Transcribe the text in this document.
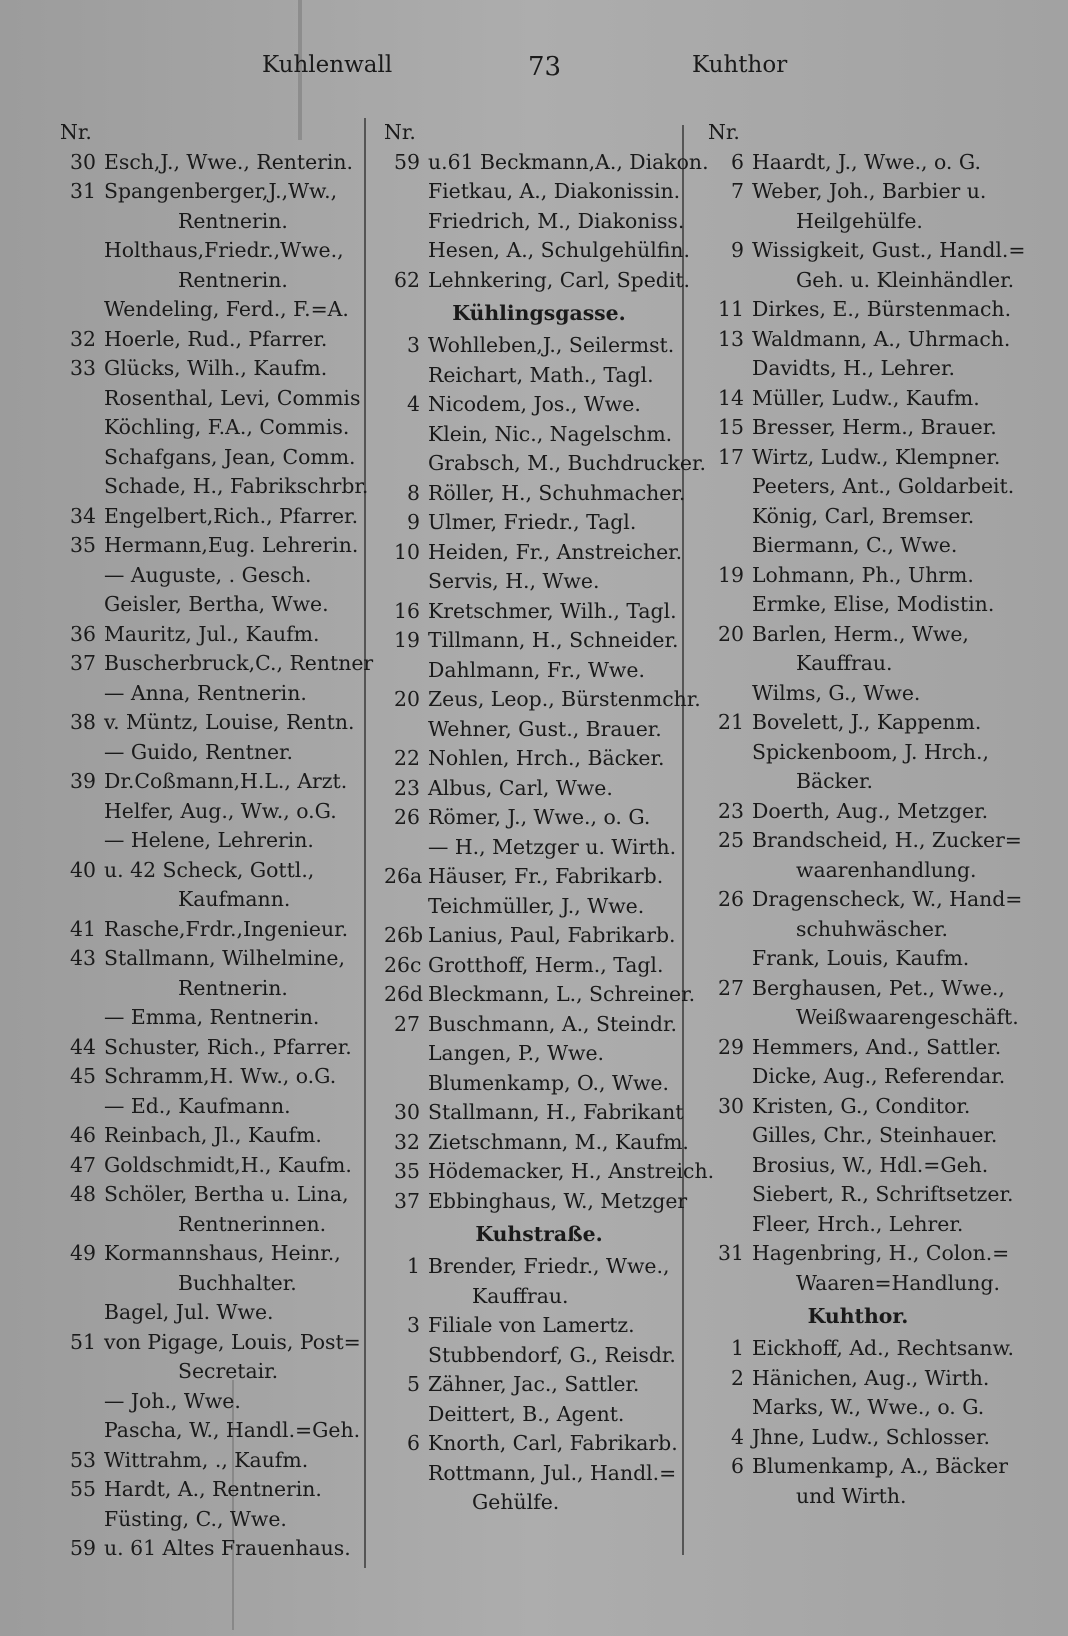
Kuhlenwall	73	Kuhthor
Nr.
30 Esch,J., Wwe., Renterin.
31 Spangenberger,J.,Ww.,
Rentnerin.
Holthaus,Friedr.,Wwe.,
Rentnerin.
Wendeling, Ferd., F.=A.
32 Hoerle, Rud., Pfarrer.
33 Glücks, Wilh., Kaufm.
Rosenthal, Levi, Commis
Köchling, F.A., Commis.
Schafgans, Jean, Comm.
Schade, H., Fabrikschrbr.
34 Engelbert,Rich., Pfarrer.
35 Hermann,Eug. Lehrerin.
— Auguste, . Gesch.
Geisler, Bertha, Wwe.
36 Mauritz, Jul., Kaufm.
37 Buscherbruck,C., Rentner
— Anna, Rentnerin.
38 v. Müntz, Louise, Rentn.
— Guido, Rentner.
39 Dr.Coßmann,H.L., Arzt.
Helfer, Aug., Ww., o.G.
— Helene, Lehrerin.
40 u. 42 Scheck, Gottl.,
Kaufmann.
41 Rasche,Frdr.,Ingenieur.
43 Stallmann, Wilhelmine,
Rentnerin.
— Emma, Rentnerin.
44 Schuster, Rich., Pfarrer.
45 Schramm,H. Ww., o.G.
— Ed., Kaufmann.
46 Reinbach, Jl., Kaufm.
47 Goldschmidt,H., Kaufm.
48 Schöler, Bertha u. Lina,
Rentnerinnen.
49 Kormannshaus, Heinr.,
Buchhalter.
Bagel, Jul. Wwe.
51 von Pigage, Louis, Post=
Secretair.
— Joh., Wwe.
Pascha, W., Handl.=Geh.
53 Wittrahm, ., Kaufm.
55 Hardt, A., Rentnerin.
Füsting, C., Wwe.
59 u. 61 Altes Frauenhaus.
Nr.
59 u.61 Beckmann,A., Diakon.
Fietkau, A., Diakonissin.
Friedrich, M., Diakoniss.
Hesen, A., Schulgehülfin.
62 Lehnkering, Carl, Spedit.
Kühlingsgasse.
3 Wohlleben,J., Seilermst.
Reichart, Math., Tagl.
4 Nicodem, Jos., Wwe.
Klein, Nic., Nagelschm.
Grabsch, M., Buchdrucker.
8 Röller, H., Schuhmacher.
9 Ulmer, Friedr., Tagl.
10 Heiden, Fr., Anstreicher.
Servis, H., Wwe.
16 Kretschmer, Wilh., Tagl.
19 Tillmann, H., Schneider.
Dahlmann, Fr., Wwe.
20 Zeus, Leop., Bürstenmchr.
Wehner, Gust., Brauer.
22 Nohlen, Hrch., Bäcker.
23 Albus, Carl, Wwe.
26 Römer, J., Wwe., o. G.
— H., Metzger u. Wirth.
26a Häuser, Fr., Fabrikarb.
Teichmüller, J., Wwe.
26b Lanius, Paul, Fabrikarb.
26c Grotthoff, Herm., Tagl.
26d Bleckmann, L., Schreiner.
27 Buschmann, A., Steindr.
Langen, P., Wwe.
Blumenkamp, O., Wwe.
30 Stallmann, H., Fabrikant
32 Zietschmann, M., Kaufm.
35 Hödemacker, H., Anstreich.
37 Ebbinghaus, W., Metzger
Kuhstraße.
1 Brender, Friedr., Wwe.,
Kauffrau.
3 Filiale von Lamertz.
Stubbendorf, G., Reisdr.
5 Zähner, Jac., Sattler.
Deittert, B., Agent.
6 Knorth, Carl, Fabrikarb.
Rottmann, Jul., Handl.=
Gehülfe.
Nr.
6 Haardt, J., Wwe., o. G.
7 Weber, Joh., Barbier u.
Heilgehülfe.
9 Wissigkeit, Gust., Handl.=
Geh. u. Kleinhändler.
11 Dirkes, E., Bürstenmach.
13 Waldmann, A., Uhrmach.
Davidts, H., Lehrer.
14 Müller, Ludw., Kaufm.
15 Bresser, Herm., Brauer.
17 Wirtz, Ludw., Klempner.
Peeters, Ant., Goldarbeit.
König, Carl, Bremser.
Biermann, C., Wwe.
19 Lohmann, Ph., Uhrm.
Ermke, Elise, Modistin.
20 Barlen, Herm., Wwe,
Kauffrau.
Wilms, G., Wwe.
21 Bovelett, J., Kappenm.
Spickenboom, J. Hrch.,
Bäcker.
23 Doerth, Aug., Metzger.
25 Brandscheid, H., Zucker=
waarenhandlung.
26 Dragenscheck, W., Hand=
schuhwäscher.
Frank, Louis, Kaufm.
27 Berghausen, Pet., Wwe.,
Weißwaarengeschäft.
29 Hemmers, And., Sattler.
Dicke, Aug., Referendar.
30 Kristen, G., Conditor.
Gilles, Chr., Steinhauer.
Brosius, W., Hdl.=Geh.
Siebert, R., Schriftsetzer.
Fleer, Hrch., Lehrer.
31 Hagenbring, H., Colon.=
Waaren=Handlung.
Kuhthor.
1 Eickhoff, Ad., Rechtsanw.
2 Hänichen, Aug., Wirth.
Marks, W., Wwe., o. G.
4 Jhne, Ludw., Schlosser.
6 Blumenkamp, A., Bäcker
und Wirth.
